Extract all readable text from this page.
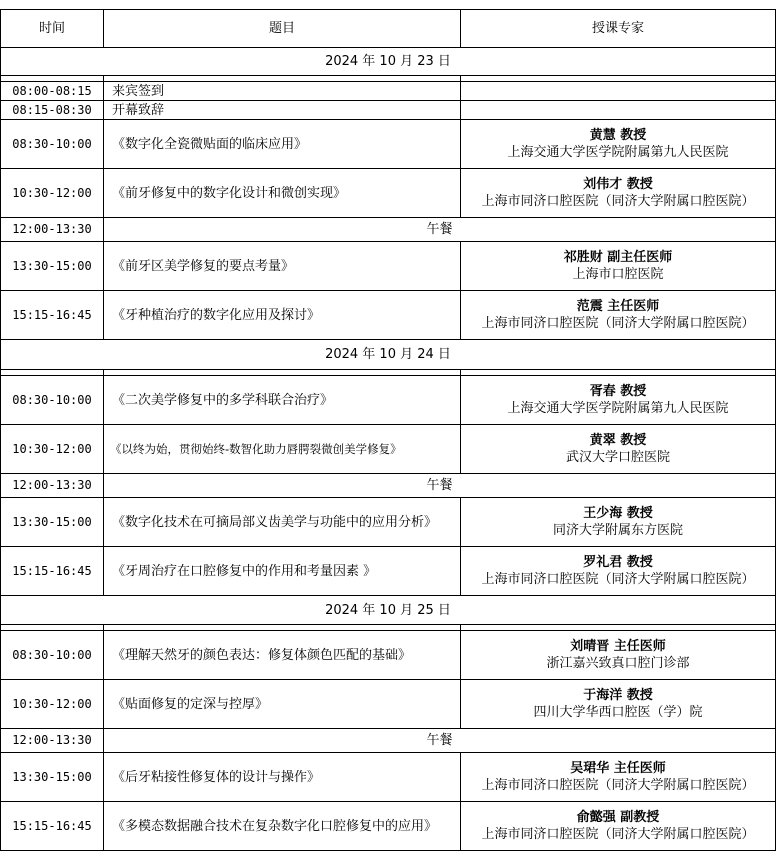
时间	题目	授课专家
2024 年 10 月 23 日		

08:00-08:15	来宾签到	
08:15-08:30	开幕致辞	
08:30-10:00	《数字化全瓷微贴面的临床应用》	黄慧 教授
上海交通大学医学院附属第九人民医院

10:30-12:00	《前牙修复中的数字化设计和微创实现》	刘伟才 教授
上海市同济口腔医院（同济大学附属口腔医院）

12:00-13:30	午餐	
13:30-15:00	《前牙区美学修复的要点考量》	祁胜财 副主任医师
上海市口腔医院

15:15-16:45	《牙种植治疗的数字化应用及探讨》	范震 主任医师
上海市同济口腔医院（同济大学附属口腔医院）

2024 年 10 月 24 日		

08:30-10:00	《二次美学修复中的多学科联合治疗》	胥春 教授
上海交通大学医学院附属第九人民医院

10:30-12:00	《以终为始，贯彻始终-数智化助力唇腭裂微创美学修复》	黄翠 教授
武汉大学口腔医院

12:00-13:30	午餐	
13:30-15:00	《数字化技术在可摘局部义齿美学与功能中的应用分析》	王少海 教授
同济大学附属东方医院

15:15-16:45	《牙周治疗在口腔修复中的作用和考量因素 》	罗礼君 教授
上海市同济口腔医院（同济大学附属口腔医院）

2024 年 10 月 25 日		

08:30-10:00	《理解天然牙的颜色表达：修复体颜色匹配的基础》	刘晴晋 主任医师
浙江嘉兴致真口腔门诊部

10:30-12:00	《贴面修复的定深与控厚》	于海洋 教授
四川大学华西口腔医（学）院

12:00-13:30	午餐	
13:30-15:00	《后牙粘接性修复体的设计与操作》	吴珺华 主任医师
上海市同济口腔医院（同济大学附属口腔医院）

15:15-16:45	《多模态数据融合技术在复杂数字化口腔修复中的应用》	俞懿强 副教授
上海市同济口腔医院（同济大学附属口腔医院）
